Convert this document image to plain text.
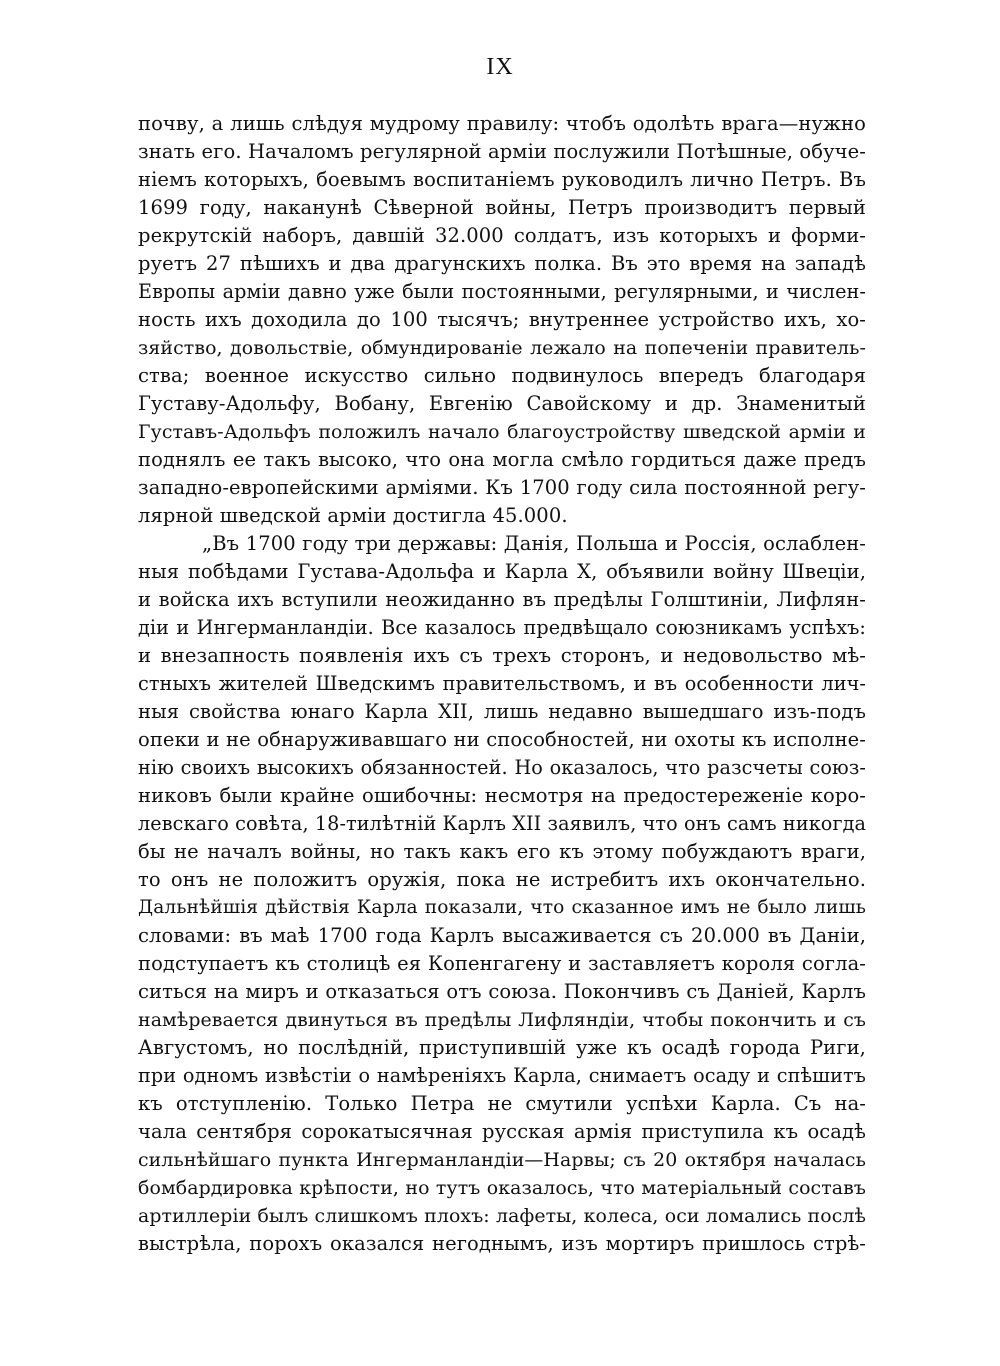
IX
почву, а лишь слѣдуя мудрому правилу: чтобъ одолѣть врага—нужно
знать его. Началомъ регулярной арміи послужили Потѣшные, обуче-
ніемъ которыхъ, боевымъ воспитаніемъ руководилъ лично Петръ. Въ
1699 году, наканунѣ Сѣверной войны, Петръ производитъ первый
рекрутскій наборъ, давшій 32.000 солдатъ, изъ которыхъ и форми-
руетъ 27 пѣшихъ и два драгунскихъ полка. Въ это время на западѣ
Европы арміи давно уже были постоянными, регулярными, и числен-
ность ихъ доходила до 100 тысячъ; внутреннее устройство ихъ, хо-
зяйство, довольствіе, обмундированіе лежало на попеченіи правитель-
ства; военное искусство сильно подвинулось впередъ благодаря
Густаву-Адольфу, Вобану, Евгенію Савойскому и др. Знаменитый
Густавъ-Адольфъ положилъ начало благоустройству шведской арміи и
поднялъ ее такъ высоко, что она могла смѣло гордиться даже предъ
западно-европейскими арміями. Къ 1700 году сила постоянной регу-
лярной шведской арміи достигла 45.000.
„Въ 1700 году три державы: Данія, Польша и Россія, ослаблен-
ныя побѣдами Густава-Адольфа и Карла X, объявили войну Швеціи,
и войска ихъ вступили неожиданно въ предѣлы Голштиніи, Лифлян-
діи и Ингерманландіи. Все казалось предвѣщало союзникамъ успѣхъ:
и внезапность появленія ихъ съ трехъ сторонъ, и недовольство мѣ-
стныхъ жителей Шведскимъ правительствомъ, и въ особенности лич-
ныя свойства юнаго Карла XII, лишь недавно вышедшаго изъ-подъ
опеки и не обнаруживавшаго ни способностей, ни охоты къ исполне-
нію своихъ высокихъ обязанностей. Но оказалось, что разсчеты союз-
никовъ были крайне ошибочны: несмотря на предостереженіе коро-
левскаго совѣта, 18-тилѣтній Карлъ XII заявилъ, что онъ самъ никогда
бы не началъ войны, но такъ какъ его къ этому побуждаютъ враги,
то онъ не положитъ оружія, пока не истребитъ ихъ окончательно.
Дальнѣйшія дѣйствія Карла показали, что сказанное имъ не было лишь
словами: въ маѣ 1700 года Карлъ высаживается съ 20.000 въ Даніи,
подступаетъ къ столицѣ ея Копенгагену и заставляетъ короля согла-
ситься на миръ и отказаться отъ союза. Покончивъ съ Даніей, Карлъ
намѣревается двинуться въ предѣлы Лифляндіи, чтобы покончить и съ
Августомъ, но послѣдній, приступившій уже къ осадѣ города Риги,
при одномъ извѣстіи о намѣреніяхъ Карла, снимаетъ осаду и спѣшитъ
къ отступленію. Только Петра не смутили успѣхи Карла. Съ на-
чала сентября сорокатысячная русская армія приступила къ осадѣ
сильнѣйшаго пункта Ингерманландіи—Нарвы; съ 20 октября началась
бомбардировка крѣпости, но тутъ оказалось, что матеріальный составъ
артиллеріи былъ слишкомъ плохъ: лафеты, колеса, оси ломались послѣ
выстрѣла, порохъ оказался негоднымъ, изъ мортиръ пришлось стрѣ-
